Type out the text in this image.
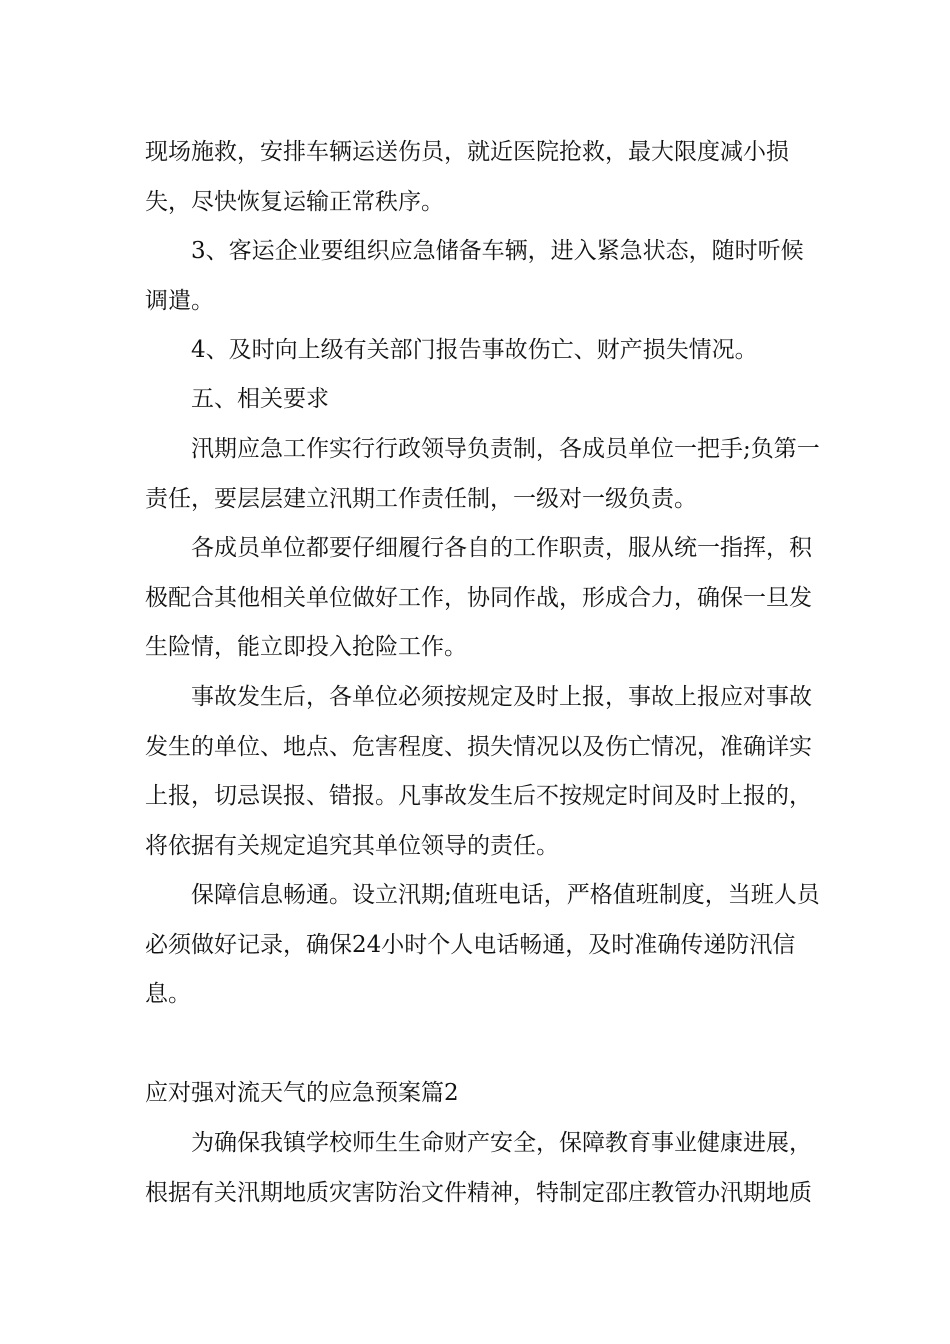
现场施救，安排车辆运送伤员，就近医院抢救，最大限度减小损失，尽快恢复运输正常秩序。

3、客运企业要组织应急储备车辆，进入紧急状态，随时听候调遣。

4、及时向上级有关部门报告事故伤亡、财产损失情况。

五、相关要求

汛期应急工作实行行政领导负责制，各成员单位一把手;负第一责任，要层层建立汛期工作责任制，一级对一级负责。

各成员单位都要仔细履行各自的工作职责，服从统一指挥，积极配合其他相关单位做好工作，协同作战，形成合力，确保一旦发生险情，能立即投入抢险工作。

事故发生后，各单位必须按规定及时上报，事故上报应对事故发生的单位、地点、危害程度、损失情况以及伤亡情况，准确详实上报，切忌误报、错报。凡事故发生后不按规定时间及时上报的，将依据有关规定追究其单位领导的责任。

保障信息畅通。设立汛期;值班电话，严格值班制度，当班人员必须做好记录，确保24小时个人电话畅通，及时准确传递防汛信息。

应对强对流天气的应急预案篇2

为确保我镇学校师生生命财产安全，保障教育事业健康进展，根据有关汛期地质灾害防治文件精神，特制定邵庄教管办汛期地质
